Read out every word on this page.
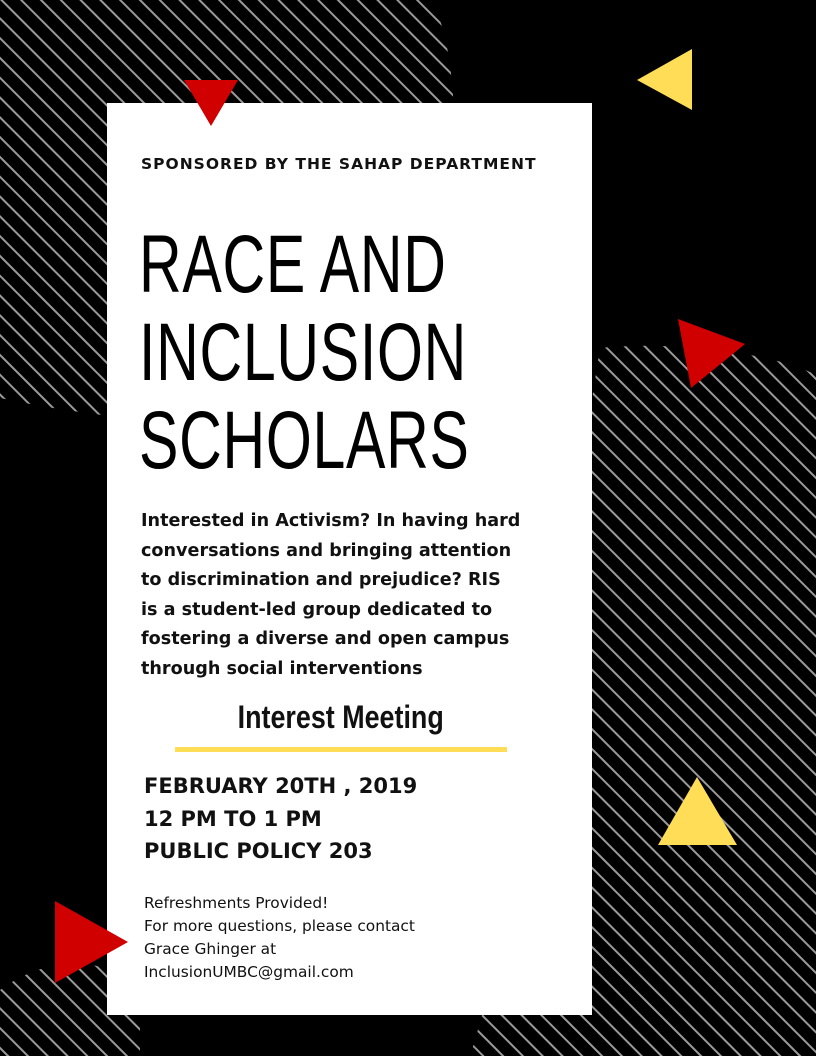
SPONSORED BY THE SAHAP DEPARTMENT

RACE AND
INCLUSION
SCHOLARS

Interested in Activism? In having hard
conversations and bringing attention
to discrimination and prejudice? RIS
is a student-led group dedicated to
fostering a diverse and open campus
through social interventions

Interest Meeting

FEBRUARY 20TH , 2019
12 PM TO 1 PM
PUBLIC POLICY 203

Refreshments Provided!
For more questions, please contact
Grace Ghinger at
InclusionUMBC@gmail.com
